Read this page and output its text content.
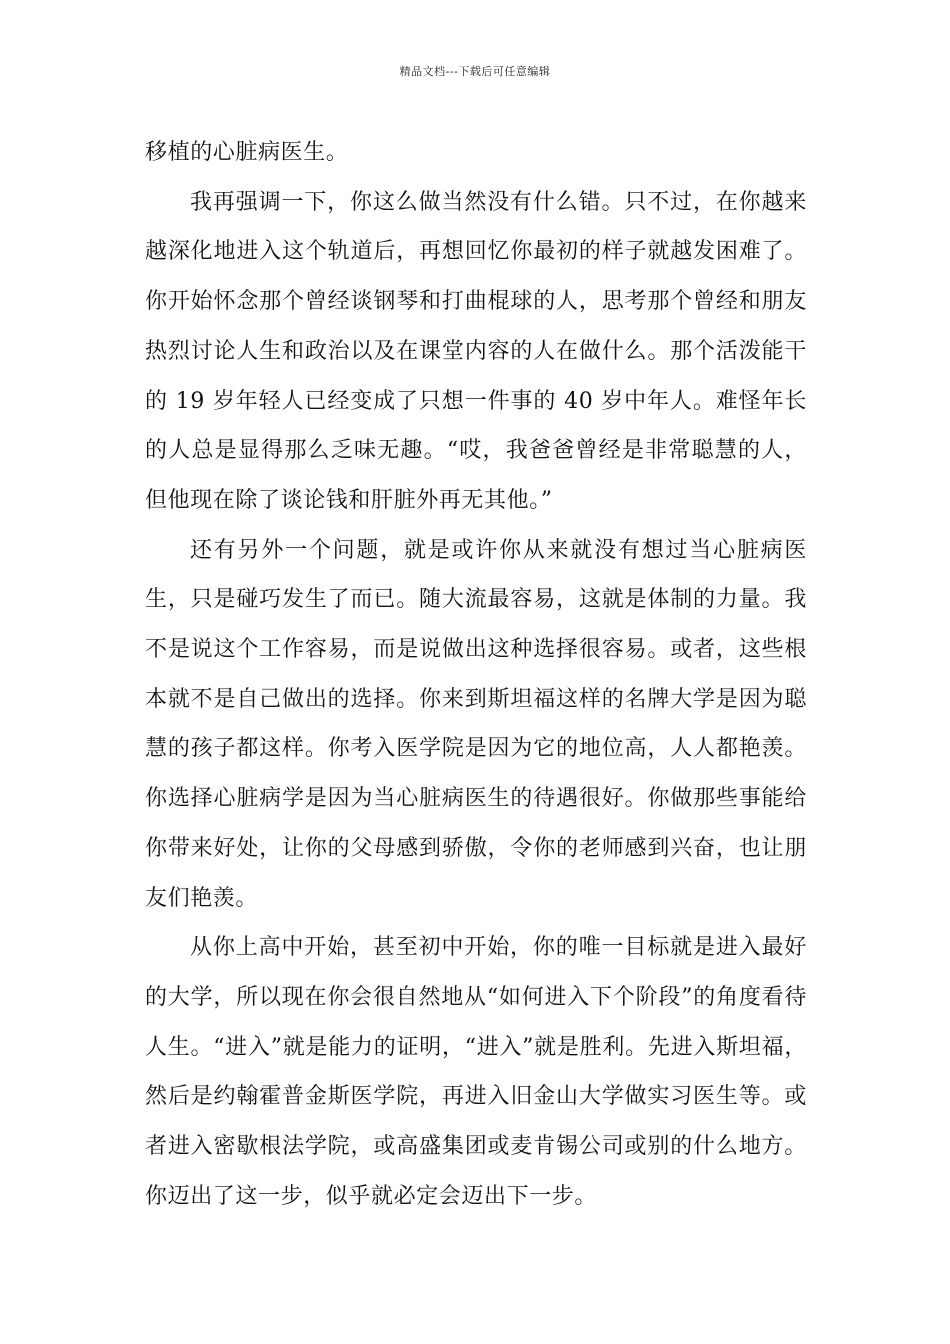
精品文档---下载后可任意编辑

移植的心脏病医生。

我再强调一下，你这么做当然没有什么错。只不过，在你越来越深化地进入这个轨道后，再想回忆你最初的样子就越发困难了。你开始怀念那个曾经谈钢琴和打曲棍球的人，思考那个曾经和朋友热烈讨论人生和政治以及在课堂内容的人在做什么。那个活泼能干的 19 岁年轻人已经变成了只想一件事的 40 岁中年人。难怪年长的人总是显得那么乏味无趣。“哎，我爸爸曾经是非常聪慧的人，但他现在除了谈论钱和肝脏外再无其他。”

还有另外一个问题，就是或许你从来就没有想过当心脏病医生，只是碰巧发生了而已。随大流最容易，这就是体制的力量。我不是说这个工作容易，而是说做出这种选择很容易。或者，这些根本就不是自己做出的选择。你来到斯坦福这样的名牌大学是因为聪慧的孩子都这样。你考入医学院是因为它的地位高，人人都艳羡。你选择心脏病学是因为当心脏病医生的待遇很好。你做那些事能给你带来好处，让你的父母感到骄傲，令你的老师感到兴奋，也让朋友们艳羡。

从你上高中开始，甚至初中开始，你的唯一目标就是进入最好的大学，所以现在你会很自然地从“如何进入下个阶段”的角度看待人生。“进入”就是能力的证明，“进入”就是胜利。先进入斯坦福，然后是约翰霍普金斯医学院，再进入旧金山大学做实习医生等。或者进入密歇根法学院，或高盛集团或麦肯锡公司或别的什么地方。你迈出了这一步，似乎就必定会迈出下一步。
